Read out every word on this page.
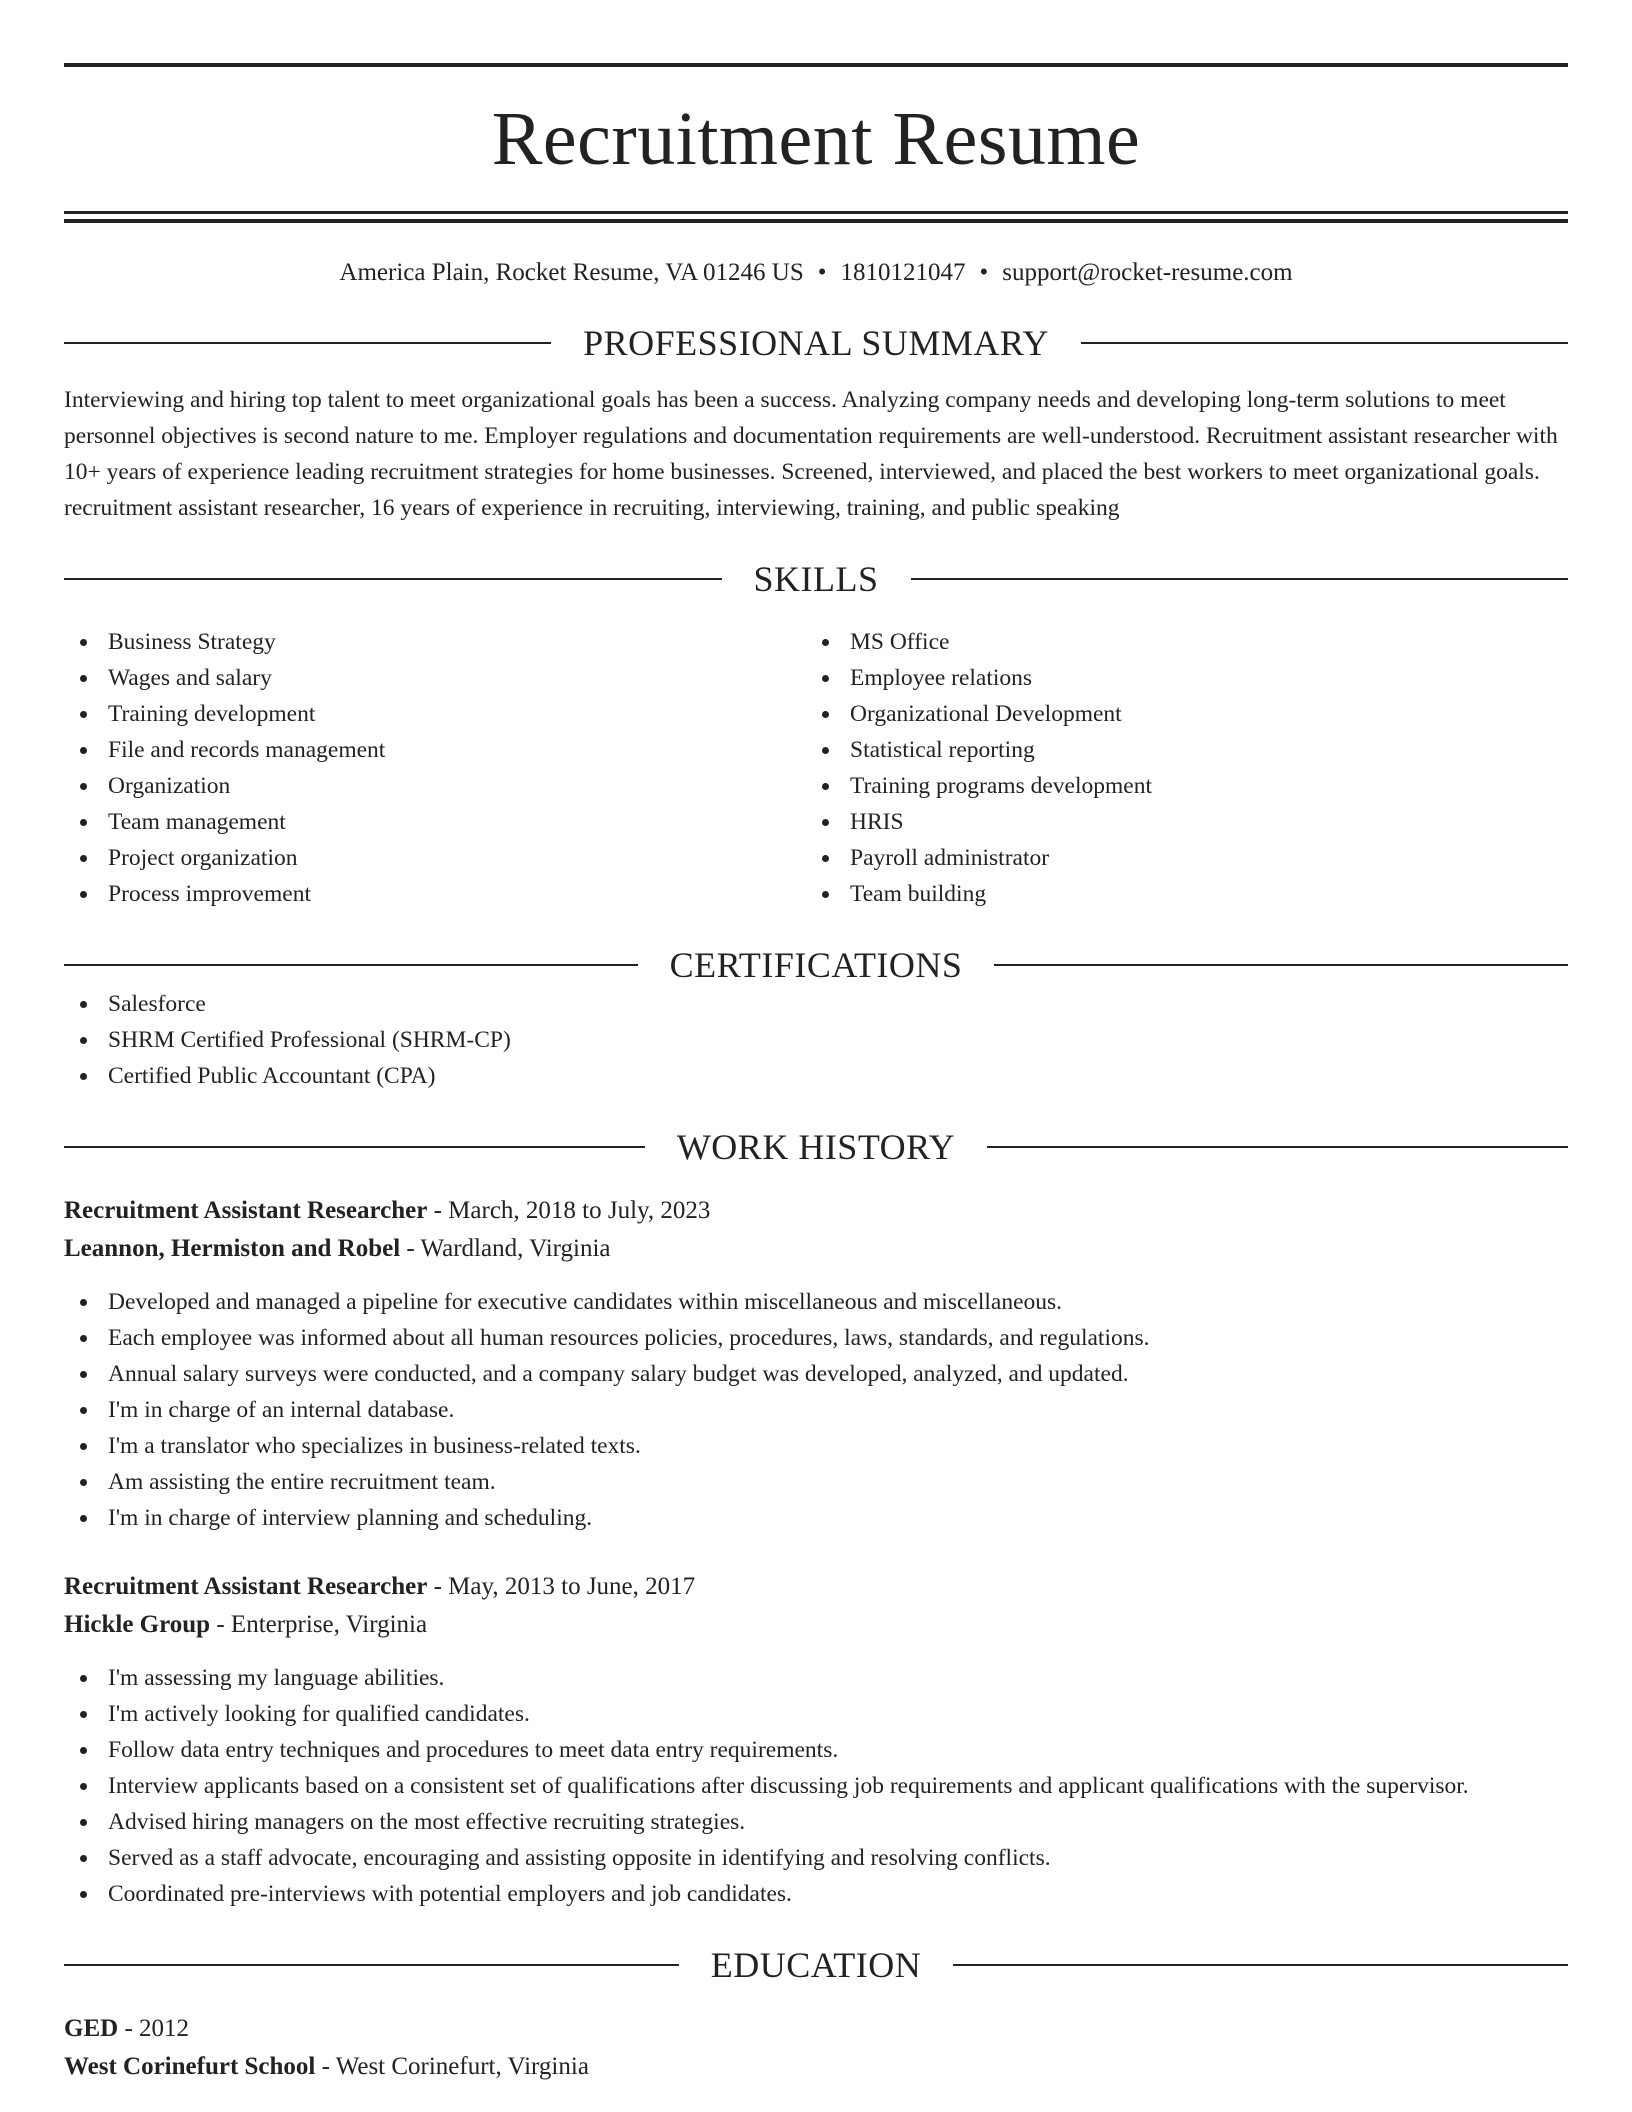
Recruitment Resume
America Plain, Rocket Resume, VA 01246 US • 1810121047 • support@rocket-resume.com
PROFESSIONAL SUMMARY
Interviewing and hiring top talent to meet organizational goals has been a success. Analyzing company needs and developing long-term solutions to meet personnel objectives is second nature to me. Employer regulations and documentation requirements are well-understood. Recruitment assistant researcher with 10+ years of experience leading recruitment strategies for home businesses. Screened, interviewed, and placed the best workers to meet organizational goals. recruitment assistant researcher, 16 years of experience in recruiting, interviewing, training, and public speaking
SKILLS
Business Strategy
Wages and salary
Training development
File and records management
Organization
Team management
Project organization
Process improvement
MS Office
Employee relations
Organizational Development
Statistical reporting
Training programs development
HRIS
Payroll administrator
Team building
CERTIFICATIONS
Salesforce
SHRM Certified Professional (SHRM-CP)
Certified Public Accountant (CPA)
WORK HISTORY
Recruitment Assistant Researcher - March, 2018 to July, 2023
Leannon, Hermiston and Robel - Wardland, Virginia
Developed and managed a pipeline for executive candidates within miscellaneous and miscellaneous.
Each employee was informed about all human resources policies, procedures, laws, standards, and regulations.
Annual salary surveys were conducted, and a company salary budget was developed, analyzed, and updated.
I'm in charge of an internal database.
I'm a translator who specializes in business-related texts.
Am assisting the entire recruitment team.
I'm in charge of interview planning and scheduling.
Recruitment Assistant Researcher - May, 2013 to June, 2017
Hickle Group - Enterprise, Virginia
I'm assessing my language abilities.
I'm actively looking for qualified candidates.
Follow data entry techniques and procedures to meet data entry requirements.
Interview applicants based on a consistent set of qualifications after discussing job requirements and applicant qualifications with the supervisor.
Advised hiring managers on the most effective recruiting strategies.
Served as a staff advocate, encouraging and assisting opposite in identifying and resolving conflicts.
Coordinated pre-interviews with potential employers and job candidates.
EDUCATION
GED - 2012
West Corinefurt School - West Corinefurt, Virginia
